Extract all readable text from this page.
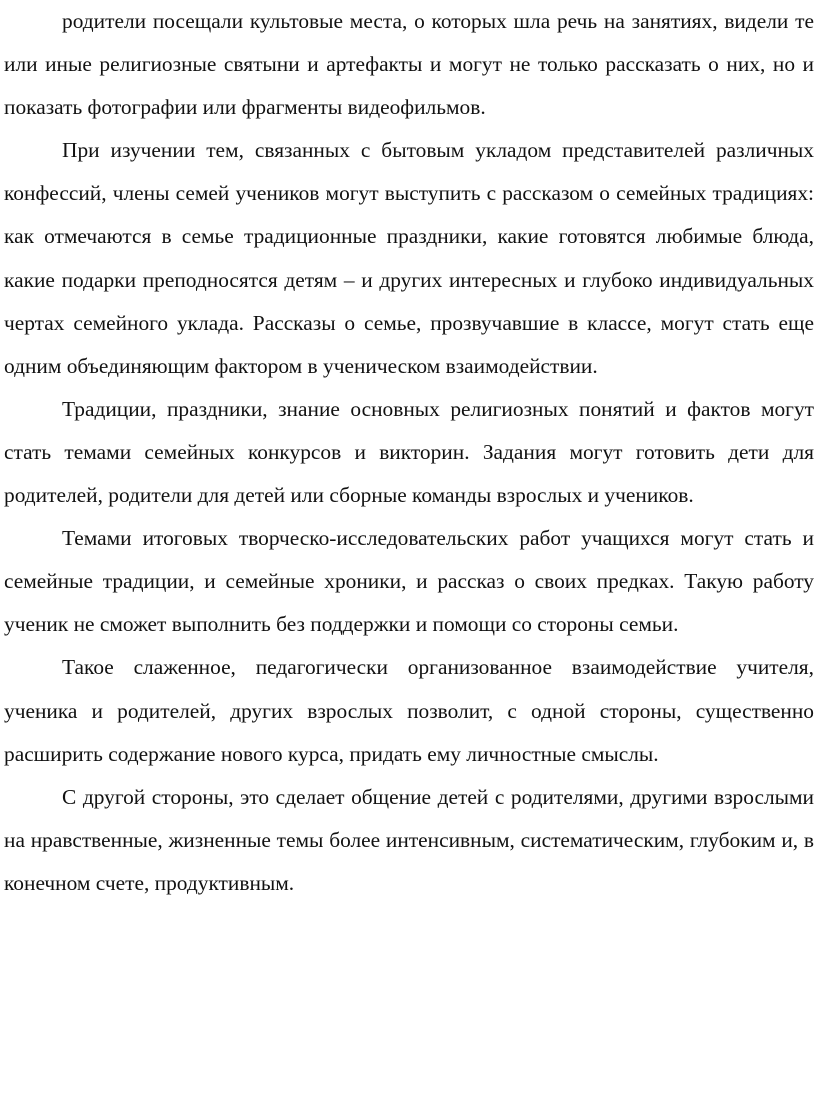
родители посещали культовые места, о которых шла речь на занятиях, видели те или иные религиозные святыни и артефакты и могут не только рассказать о них, но и показать фотографии или фрагменты видеофильмов.

При изучении тем, связанных с бытовым укладом представителей различных конфессий, члены семей учеников могут выступить с рассказом о семейных традициях: как отмечаются в семье традиционные праздники, какие готовятся любимые блюда, какие подарки преподносятся детям – и других интересных и глубоко индивидуальных чертах семейного уклада. Рассказы о семье, прозвучавшие в классе, могут стать еще одним объединяющим фактором в ученическом взаимодействии.

Традиции, праздники, знание основных религиозных понятий и фактов могут стать темами семейных конкурсов и викторин. Задания могут готовить дети для родителей, родители для детей или сборные команды взрослых и учеников.

Темами итоговых творческо-исследовательских работ учащихся могут стать и семейные традиции, и семейные хроники, и рассказ о своих предках. Такую работу ученик не сможет выполнить без поддержки и помощи со стороны семьи.

Такое слаженное, педагогически организованное взаимодействие учителя, ученика и родителей, других взрослых позволит, с одной стороны, существенно расширить содержание нового курса, придать ему личностные смыслы.

С другой стороны, это сделает общение детей с родителями, другими взрослыми на нравственные, жизненные темы более интенсивным, систематическим, глубоким и, в конечном счете, продуктивным.
